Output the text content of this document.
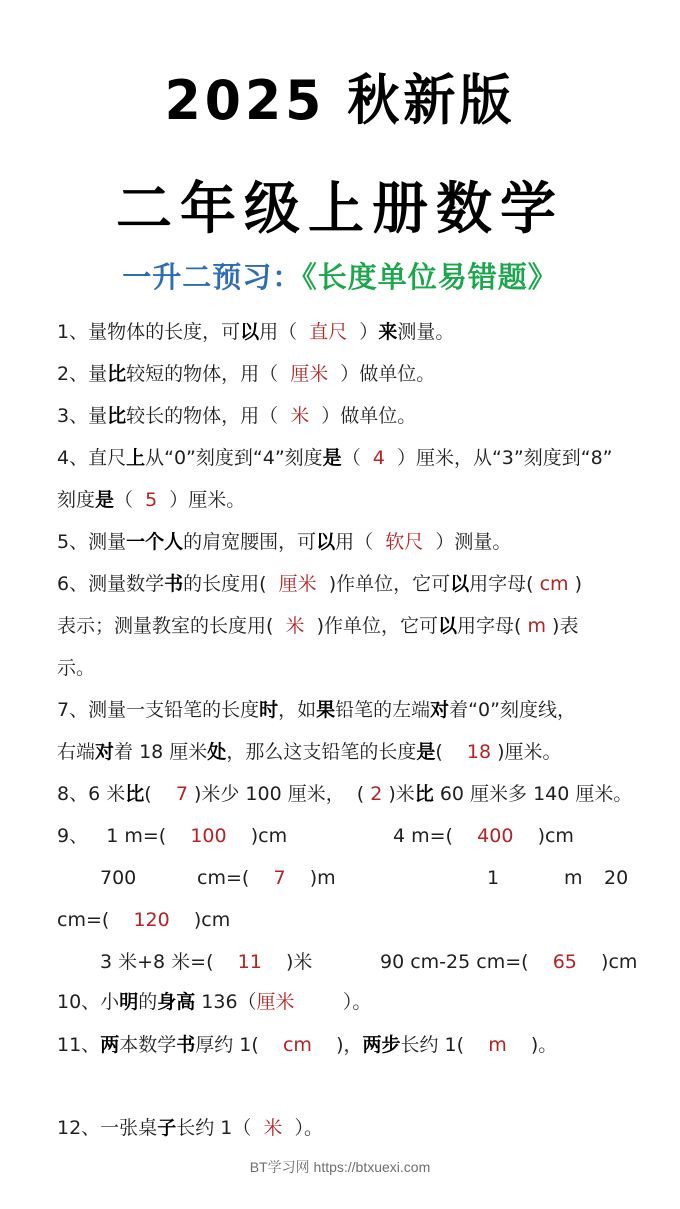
2025 秋新版
二年级上册数学
一升二预习：《长度单位易错题》
1、量物体的长度，可以用（  直尺  ）来测量。
2、量比较短的物体，用（  厘米  ）做单位。
3、量比较长的物体，用（  米  ）做单位。
4、直尺上从“0”刻度到“4”刻度是（  4  ）厘米，从“3”刻度到“8”
刻度是（  5  ）厘米。
5、测量一个人的肩宽腰围，可以用（  软尺  ）测量。
6、测量数学书的长度用(  厘米  )作单位，它可以用字母( cm )
表示；测量教室的长度用(  米  )作单位，它可以用字母( m )表
示。
7、测量一支铅笔的长度时，如果铅笔的左端对着“0”刻度线，
右端对着 18 厘米处，那么这支铅笔的长度是(    18 )厘米。
8、6 米比(    7 )米少 100 厘米，  ( 2 )米比 60 厘米多 140 厘米。
9、   1 m=(    100    )cm	4 m=(    400    )cm
700	cm=(    7    )m	1	m 20
cm=(    120    )cm
3 米+8 米=(    11    )米	90 cm-25 cm=(    65    )cm
10、小明的身高 136（厘米        ）。
11、两本数学书厚约 1(    cm    )，两步长约 1(    m    )。
12、一张桌子长约 1（  米  ）。
BT学习网 https://btxuexi.com
